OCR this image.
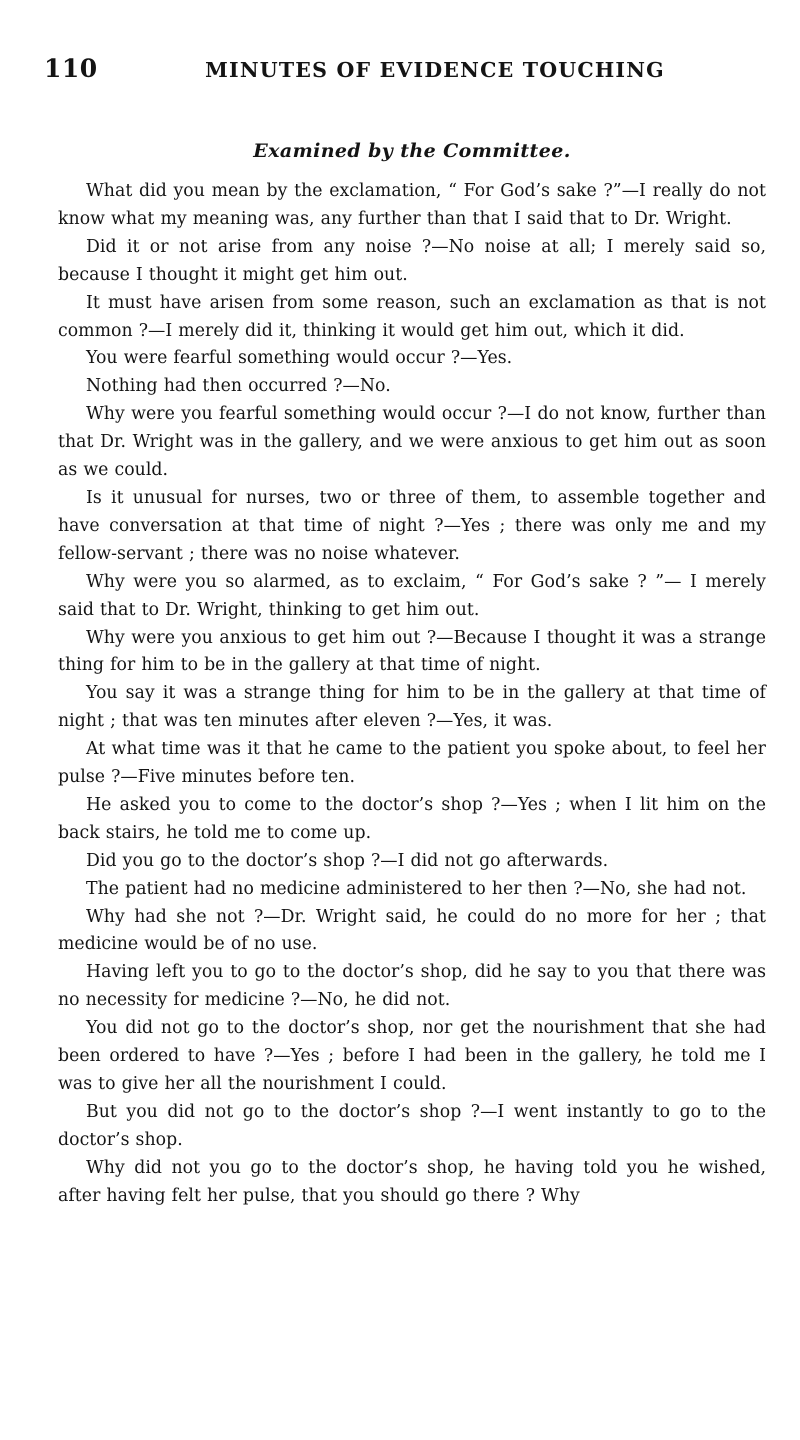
110	MINUTES OF EVIDENCE TOUCHING
Examined by the Committee.

What did you mean by the exclamation, “ For God’s sake ?”—I really do not know what my meaning was, any further than that I said that to Dr. Wright.

Did it or not arise from any noise ?—No noise at all; I merely said so, because I thought it might get him out.

It must have arisen from some reason, such an exclamation as that is not common ?—I merely did it, thinking it would get him out, which it did.

You were fearful something would occur ?—Yes.

Nothing had then occurred ?—No.

Why were you fearful something would occur ?—I do not know, further than that Dr. Wright was in the gallery, and we were anxious to get him out as soon as we could.

Is it unusual for nurses, two or three of them, to assemble together and have conversation at that time of night ?—Yes ; there was only me and my fellow-servant ; there was no noise whatever.

Why were you so alarmed, as to exclaim, “ For God’s sake ? ”— I merely said that to Dr. Wright, thinking to get him out.

Why were you anxious to get him out ?—Because I thought it was a strange thing for him to be in the gallery at that time of night.

You say it was a strange thing for him to be in the gallery at that time of night ; that was ten minutes after eleven ?—Yes, it was.

At what time was it that he came to the patient you spoke about, to feel her pulse ?—Five minutes before ten.

He asked you to come to the doctor’s shop ?—Yes ; when I lit him on the back stairs, he told me to come up.

Did you go to the doctor’s shop ?—I did not go afterwards.

The patient had no medicine administered to her then ?—No, she had not.

Why had she not ?—Dr. Wright said, he could do no more for her ; that medicine would be of no use.

Having left you to go to the doctor’s shop, did he say to you that there was no necessity for medicine ?—No, he did not.

You did not go to the doctor’s shop, nor get the nourishment that she had been ordered to have ?—Yes ; before I had been in the gallery, he told me I was to give her all the nourishment I could.

But you did not go to the doctor’s shop ?—I went instantly to go to the doctor’s shop.

Why did not you go to the doctor’s shop, he having told you he wished, after having felt her pulse, that you should go there ? Why
